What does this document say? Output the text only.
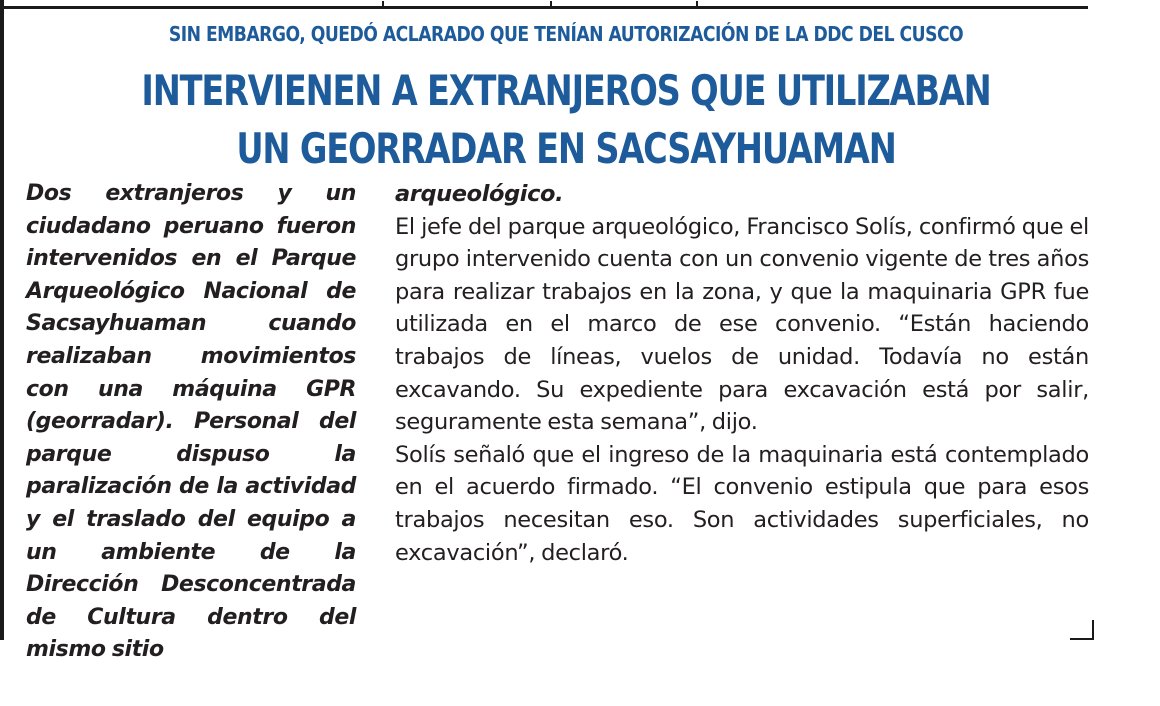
SIN EMBARGO, QUEDÓ ACLARADO QUE TENÍAN AUTORIZACIÓN DE LA DDC DEL CUSCO
INTERVIENEN A EXTRANJEROS QUE UTILIZABAN
UN GEORRADAR EN SACSAYHUAMAN

Dos extranjeros y un ciudadano peruano fueron intervenidos en el Parque Arqueológico Nacional de Sacsayhuaman cuando realizaban movimientos con una máquina GPR (georradar). Personal del parque dispuso la paralización de la actividad y el traslado del equipo a un ambiente de la Dirección Desconcentrada de Cultura dentro del mismo sitio

arqueológico.

El jefe del parque arqueológico, Francisco Solís, confirmó que el grupo intervenido cuenta con un convenio vigente de tres años para realizar trabajos en la zona, y que la maquinaria GPR fue utilizada en el marco de ese convenio. “Están haciendo trabajos de líneas, vuelos de unidad. Todavía no están excavando. Su expediente para excavación está por salir, seguramente esta semana”, dijo.

Solís señaló que el ingreso de la maquinaria está contemplado en el acuerdo firmado. “El convenio estipula que para esos trabajos necesitan eso. Son actividades superficiales, no excavación”, declaró.
